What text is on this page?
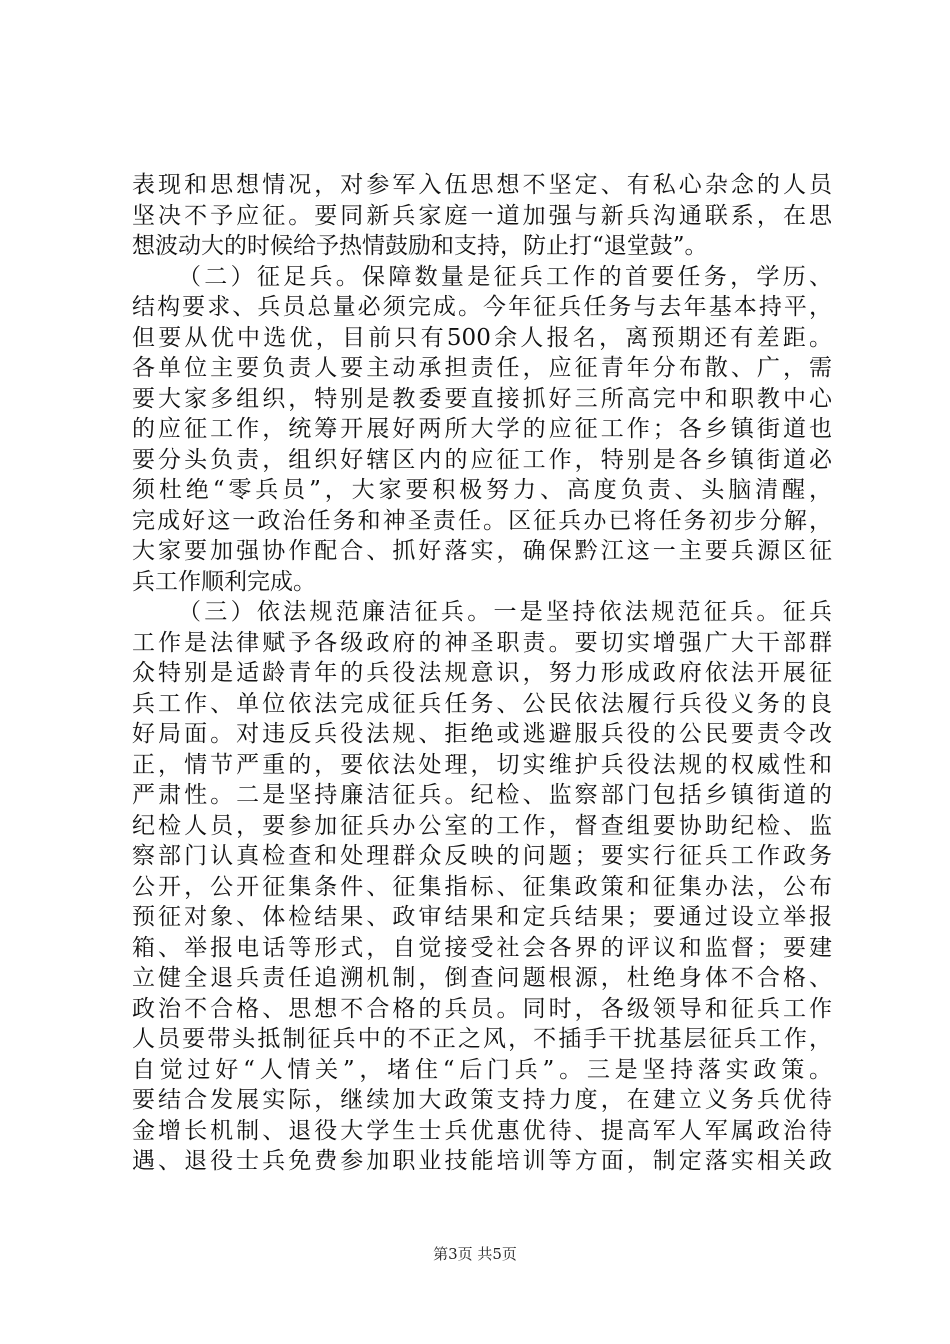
表现和思想情况，对参军入伍思想不坚定、有私心杂念的人员
坚决不予应征。要同新兵家庭一道加强与新兵沟通联系，在思
想波动大的时候给予热情鼓励和支持，防止打“退堂鼓”。
（二）征足兵。保障数量是征兵工作的首要任务，学历、
结构要求、兵员总量必须完成。今年征兵任务与去年基本持平，
但要从优中选优，目前只有500余人报名，离预期还有差距。
各单位主要负责人要主动承担责任，应征青年分布散、广，需
要大家多组织，特别是教委要直接抓好三所高完中和职教中心
的应征工作，统筹开展好两所大学的应征工作；各乡镇街道也
要分头负责，组织好辖区内的应征工作，特别是各乡镇街道必
须杜绝“零兵员”，大家要积极努力、高度负责、头脑清醒，
完成好这一政治任务和神圣责任。区征兵办已将任务初步分解，
大家要加强协作配合、抓好落实，确保黔江这一主要兵源区征
兵工作顺利完成。
（三）依法规范廉洁征兵。一是坚持依法规范征兵。征兵
工作是法律赋予各级政府的神圣职责。要切实增强广大干部群
众特别是适龄青年的兵役法规意识，努力形成政府依法开展征
兵工作、单位依法完成征兵任务、公民依法履行兵役义务的良
好局面。对违反兵役法规、拒绝或逃避服兵役的公民要责令改
正，情节严重的，要依法处理，切实维护兵役法规的权威性和
严肃性。二是坚持廉洁征兵。纪检、监察部门包括乡镇街道的
纪检人员，要参加征兵办公室的工作，督查组要协助纪检、监
察部门认真检查和处理群众反映的问题；要实行征兵工作政务
公开，公开征集条件、征集指标、征集政策和征集办法，公布
预征对象、体检结果、政审结果和定兵结果；要通过设立举报
箱、举报电话等形式，自觉接受社会各界的评议和监督；要建
立健全退兵责任追溯机制，倒查问题根源，杜绝身体不合格、
政治不合格、思想不合格的兵员。同时，各级领导和征兵工作
人员要带头抵制征兵中的不正之风，不插手干扰基层征兵工作，
自觉过好“人情关”，堵住“后门兵”。三是坚持落实政策。
要结合发展实际，继续加大政策支持力度，在建立义务兵优待
金增长机制、退役大学生士兵优惠优待、提高军人军属政治待
遇、退役士兵免费参加职业技能培训等方面，制定落实相关政
第3页 共5页
